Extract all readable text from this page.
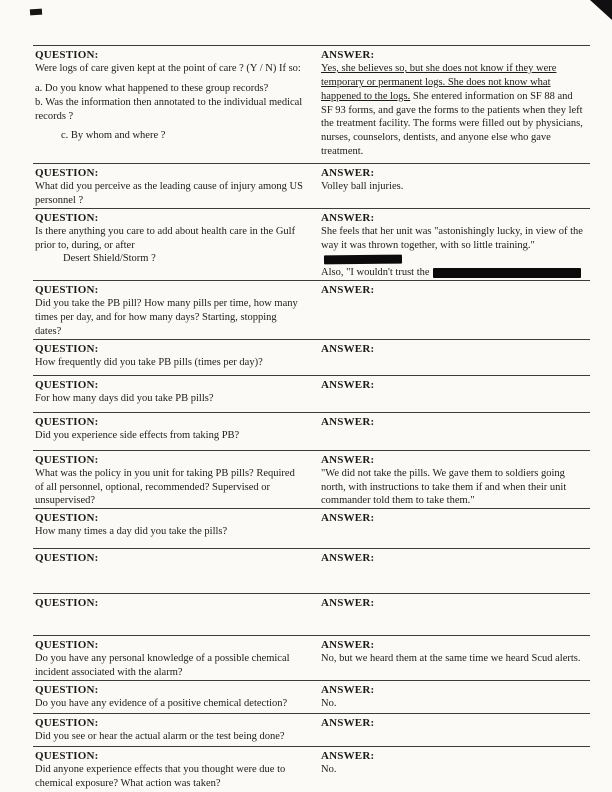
QUESTION:
Were logs of care given kept at the point of care ? (Y / N) If so:
a. Do you know what happened to these group records?
b. Was the information then annotated to the individual medical records ?
c. By whom and where ?
ANSWER:
Yes, she believes so, but she does not know if they were temporary or permanent logs. She does not know what happened to the logs. She entered information on SF 88 and SF 93 forms, and gave the forms to the patients when they left the treatment facility. The forms were filled out by physicians, nurses, counselors, dentists, and anyone else who gave treatment.
QUESTION:
What did you perceive as the leading cause of injury among US personnel ?
ANSWER:
Volley ball injuries.
QUESTION:
Is there anything you care to add about health care in the Gulf prior to, during, or after
Desert Shield/Storm ?
ANSWER:
She feels that her unit was "astonishingly lucky, in view of the way it was thrown together, with so little training."
Also, "I wouldn't trust the
QUESTION:
Did you take the PB pill? How many pills per time, how many times per day, and for how many days? Starting, stopping dates?
ANSWER:
QUESTION:
How frequently did you take PB pills (times per day)?
ANSWER:
QUESTION:
For how many days did you take PB pills?
ANSWER:
QUESTION:
Did you experience side effects from taking PB?
ANSWER:
QUESTION:
What was the policy in you unit for taking PB pills? Required of all personnel, optional, recommended? Supervised or unsupervised?
ANSWER:
"We did not take the pills. We gave them to soldiers going north, with instructions to take them if and when their unit commander told them to take them."
QUESTION:
How many times a day did you take the pills?
ANSWER:
QUESTION:	ANSWER:
QUESTION:	ANSWER:
QUESTION:
Do you have any personal knowledge of a possible chemical incident associated with the alarm?
ANSWER:
No, but we heard them at the same time we heard Scud alerts.
QUESTION:
Do you have any evidence of a positive chemical detection?
ANSWER:
No.
QUESTION:
Did you see or hear the actual alarm or the test being done?
ANSWER:
QUESTION:
Did anyone experience effects that you thought were due to chemical exposure? What action was taken?
ANSWER:
No.
